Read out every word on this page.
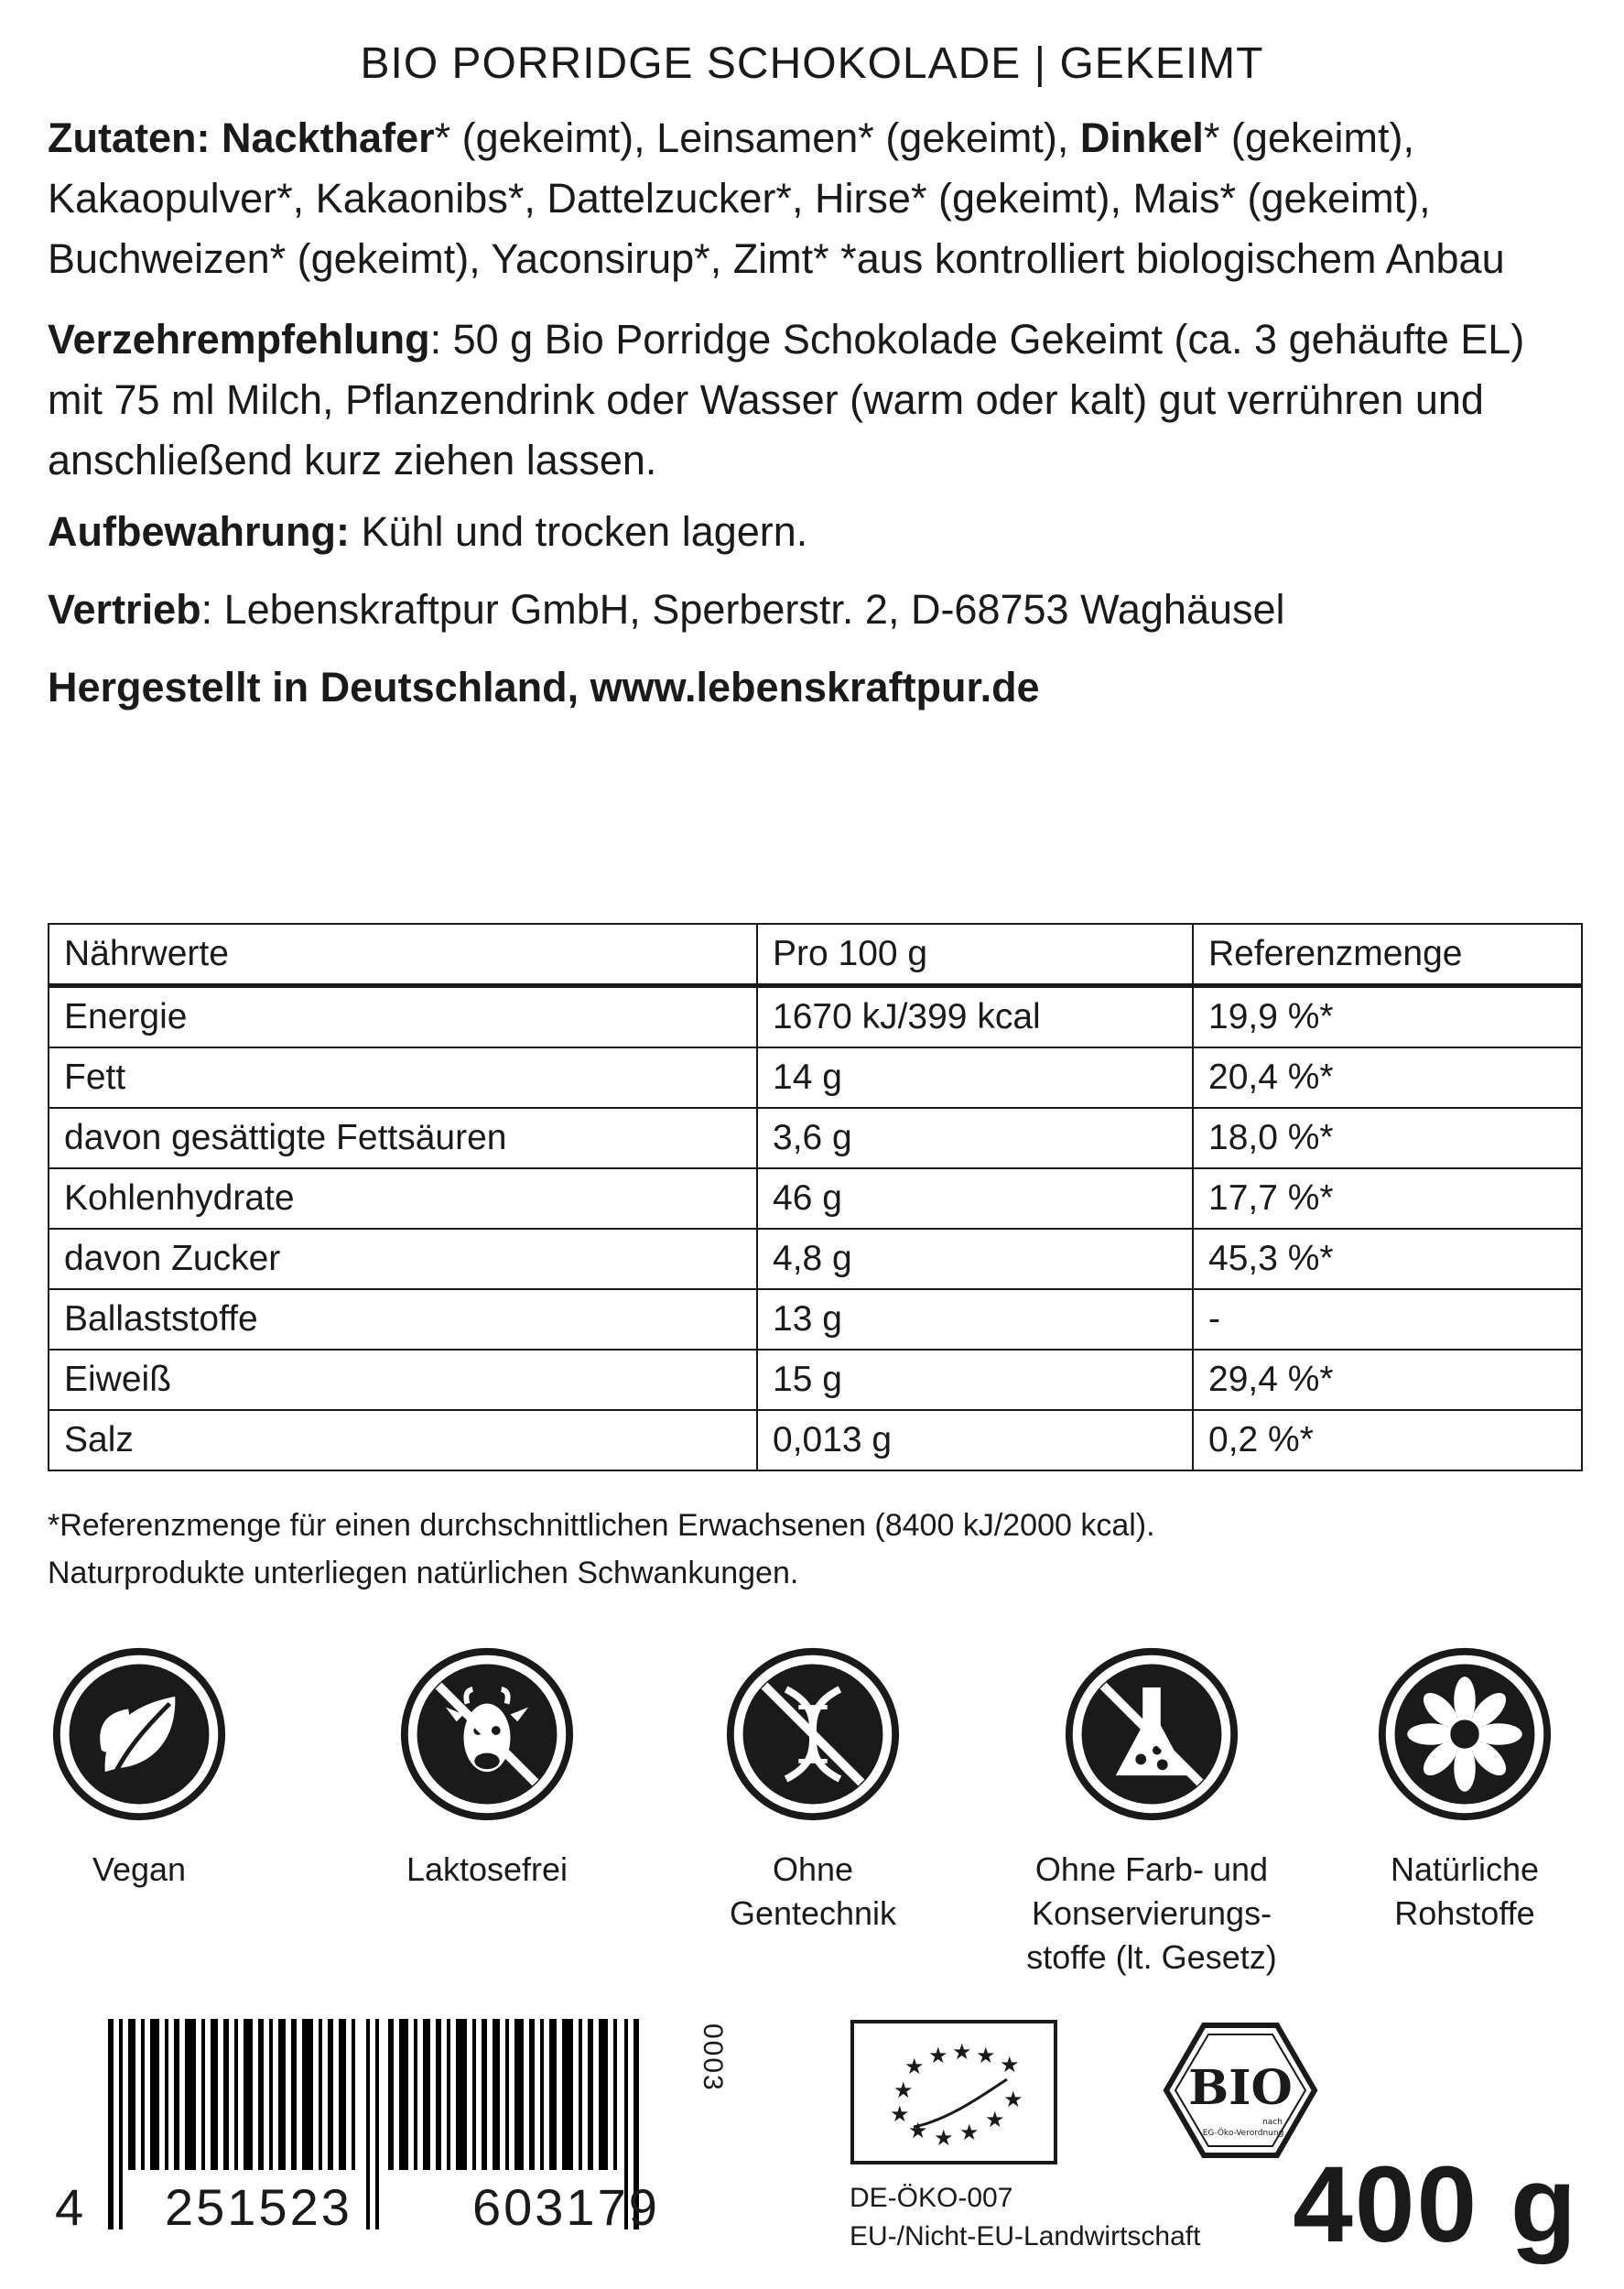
BIO PORRIDGE SCHOKOLADE | GEKEIMT
Zutaten: Nackthafer* (gekeimt), Leinsamen* (gekeimt), Dinkel* (gekeimt), Kakaopulver*, Kakaonibs*, Dattelzucker*, Hirse* (gekeimt), Mais* (gekeimt), Buchweizen* (gekeimt), Yaconsirup*, Zimt* *aus kontrolliert biologischem Anbau
Verzehrempfehlung: 50 g Bio Porridge Schokolade Gekeimt (ca. 3 gehäufte EL) mit 75 ml Milch, Pflanzendrink oder Wasser (warm oder kalt) gut verrühren und anschließend kurz ziehen lassen.
Aufbewahrung: Kühl und trocken lagern.
Vertrieb: Lebenskraftpur GmbH, Sperberstr. 2, D-68753 Waghäusel
Hergestellt in Deutschland, www.lebenskraftpur.de
Nährwerte	Pro 100 g	Referenzmenge
Energie	1670 kJ/399 kcal	19,9 %*
Fett	14 g	20,4 %*
davon gesättigte Fettsäuren	3,6 g	18,0 %*
Kohlenhydrate	46 g	17,7 %*
davon Zucker	4,8 g	45,3 %*
Ballaststoffe	13 g	-
Eiweiß	15 g	29,4 %*
Salz	0,013 g	0,2 %*
*Referenzmenge für einen durchschnittlichen Erwachsenen (8400 kJ/2000 kcal).
Naturprodukte unterliegen natürlichen Schwankungen.
Vegan	Laktosefrei	Ohne
Gentechnik
Ohne Farb- und
Konservierungs-
stoffe (lt. Gesetz)
Natürliche
Rohstoffe
4 251523 603179
0003	★ ★ ★ ★ ★
★
★
★ ★ ★ ★
★
DE-ÖKO-007
EU-/Nicht-EU-Landwirtschaft
BIO
nach
EG-Öko-Verordnung
400 g
